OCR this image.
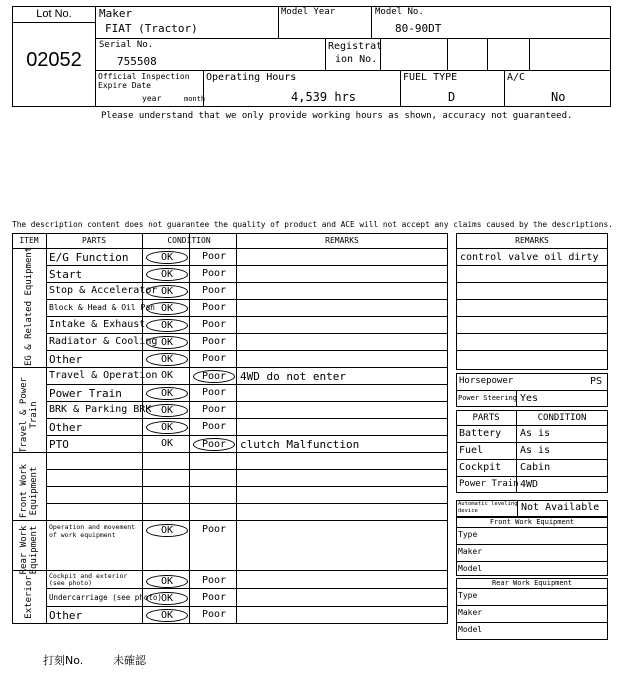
Lot No.
02052
Maker
FIAT (Tractor)
Model Year	Model No.
80-90DT
Serial No.
755508
Registrat
ion No.
Official Inspection
Expire Date
year	month
Operating Hours
4,539 hrs
FUEL TYPE
D
A/C
No
Please understand that we only provide working hours as shown, accuracy not guaranteed.
The description content does not guarantee the quality of product and ACE will not accept any claims caused by the descriptions.
ITEM	PARTS	CONDITION	REMARKS
EG & Related Equipment
Travel & Power Train
Front Work Equipment
Rear Work Equipment
Exterior
E/G Function	OK	Poor
Start	OK	Poor
Stop & Accelerator OK	Poor
Block & Head & Oil Pan OK	Poor
Intake & Exhaust	OK	Poor
Radiator & Cooling OK	Poor
Other	OK	Poor
Travel & Operation OK	Poor	4WD do not enter
Power Train	OK	Poor
BRK & Parking BRK OK	Poor
Other	OK	Poor
PTO	OK	Poor	clutch Malfunction
Operation and movement of work equipment	OK	Poor
Cockpit and exterior (see photo)	OK	Poor
Undercarriage (see photo) OK	Poor
Other	OK	Poor
REMARKS
control valve oil dirty
Horsepower	PS
Power Steering Yes
PARTS	CONDITION
Battery As is
Fuel	As is
Cockpit Cabin
Power Train 4WD
Automatic leveling
device	Not Available
Front Work Equipment
Type
Maker
Model
Rear Work Equipment
Type
Maker
Model
打刻No.	未確認
